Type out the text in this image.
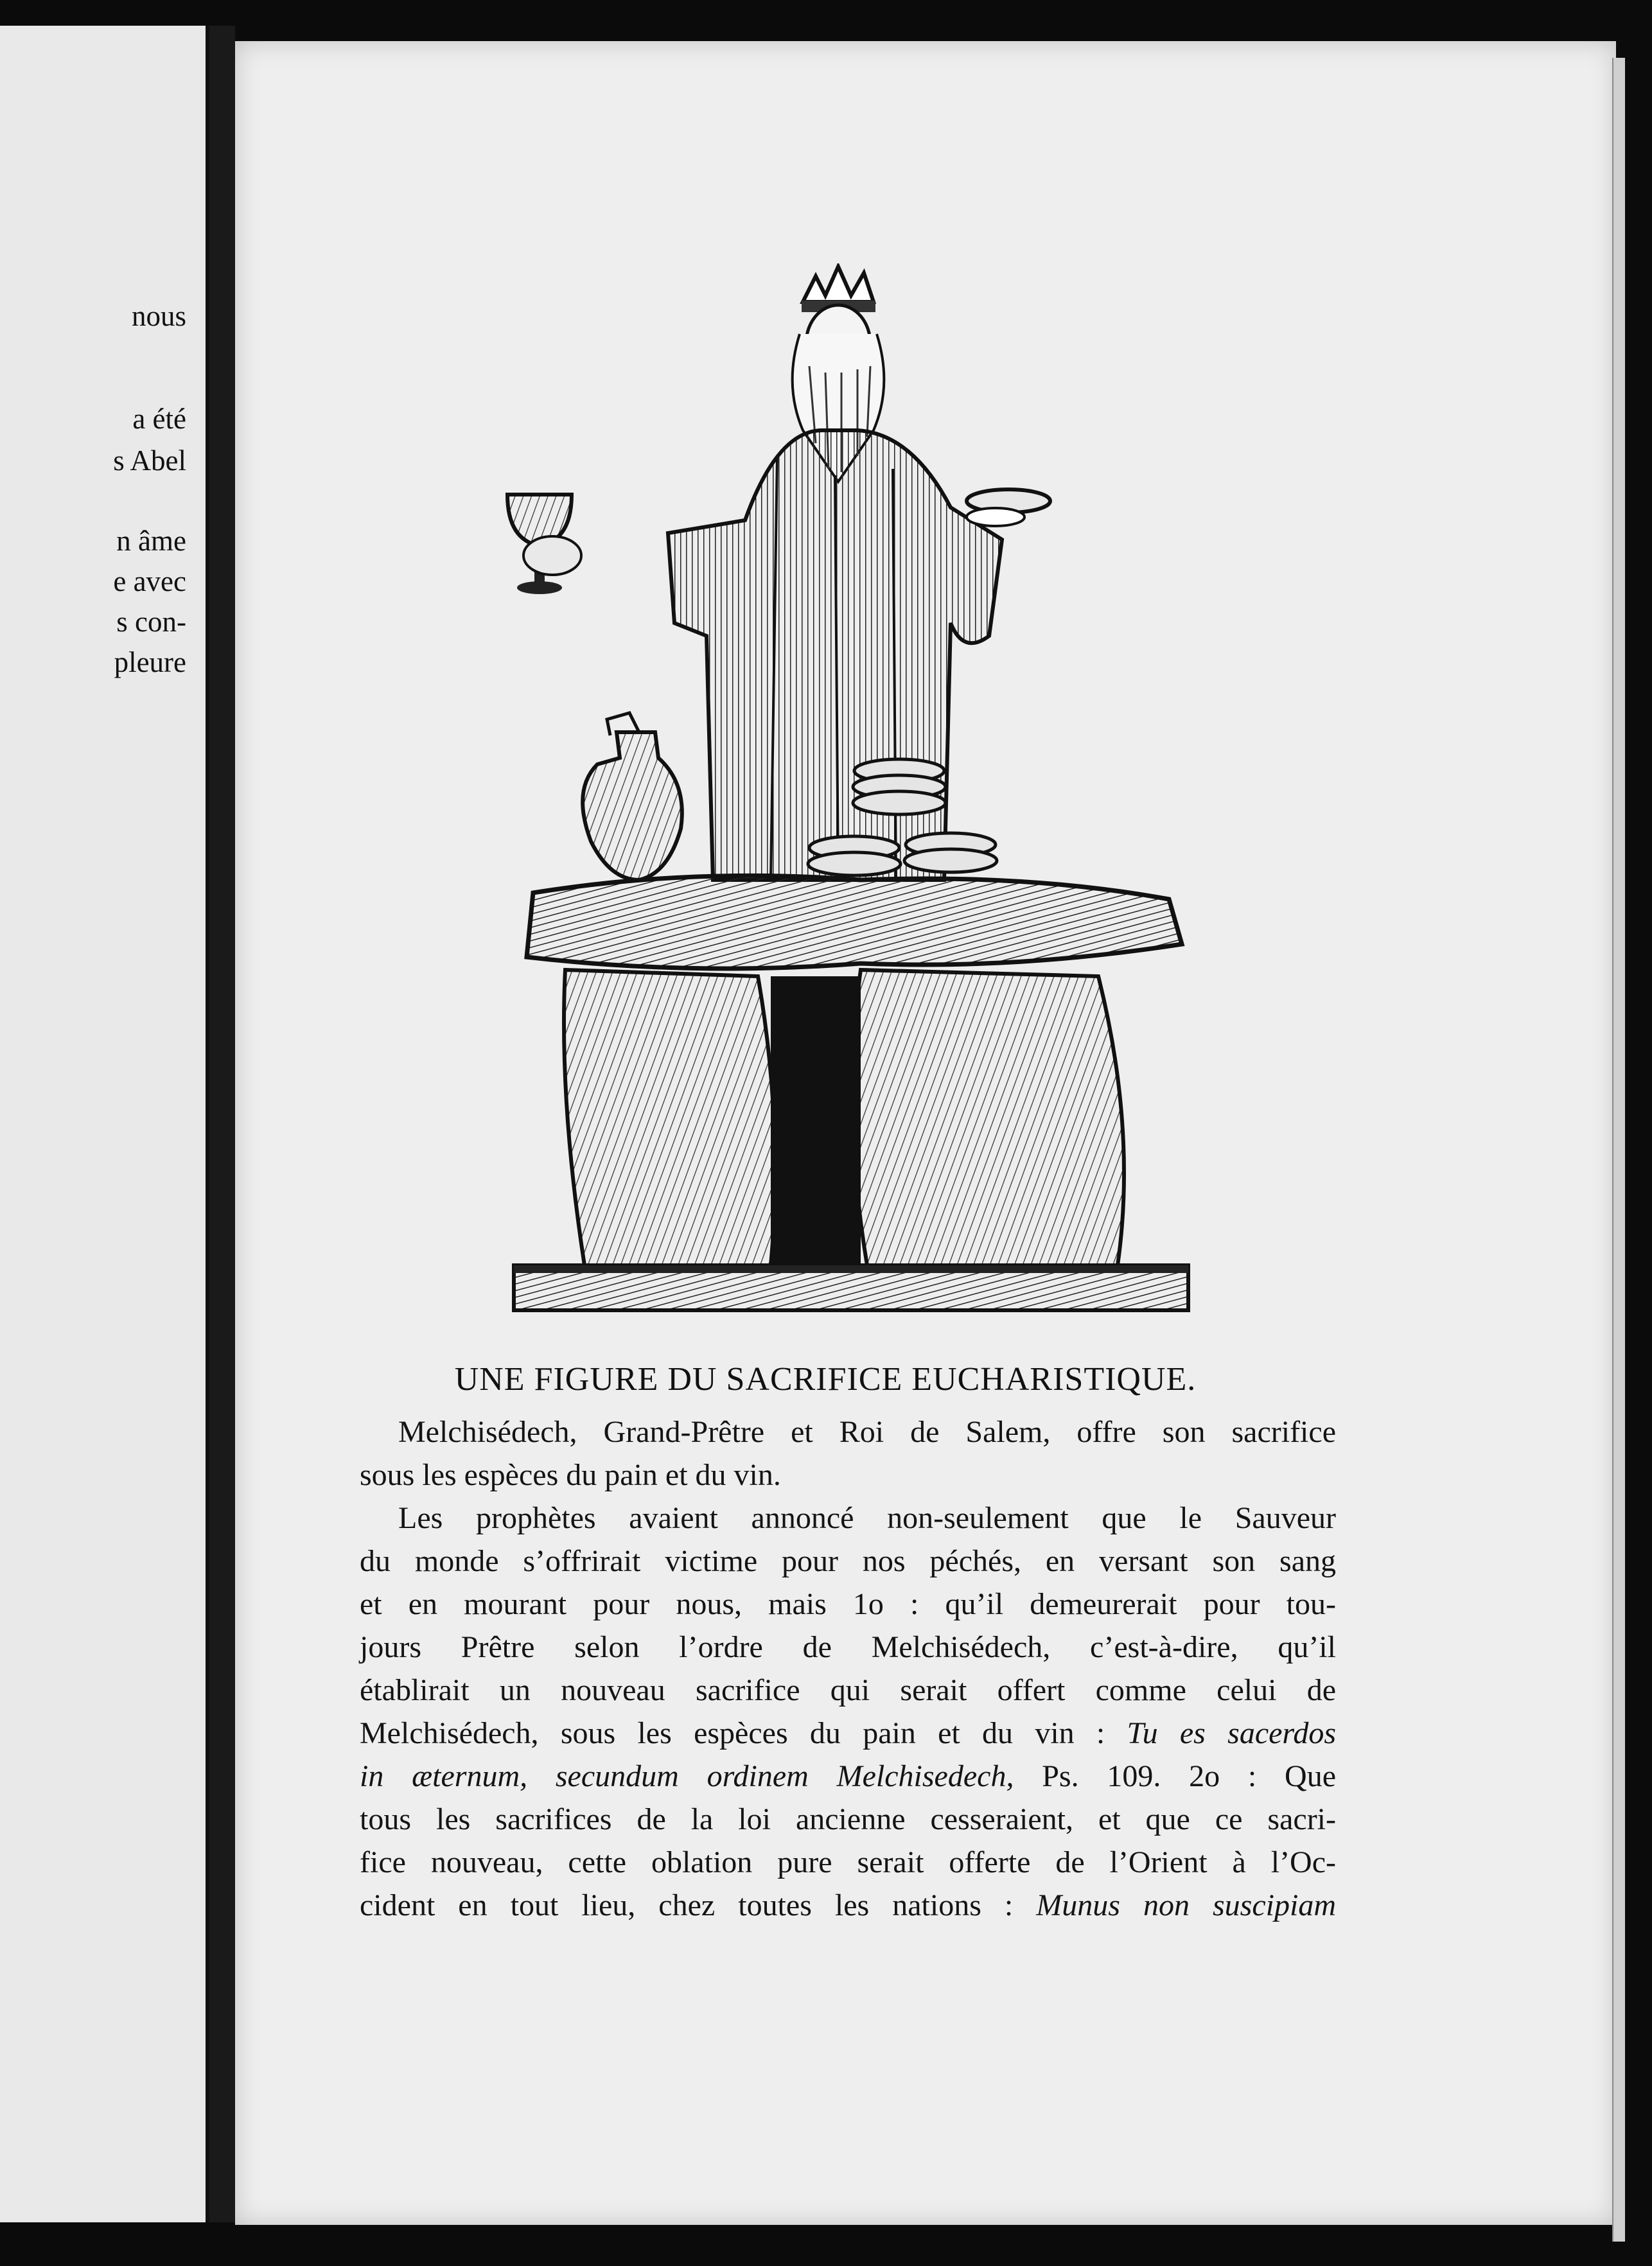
nous
a été
s Abel
n âme
e avec
s con-
pleure
UNE FIGURE DU SACRIFICE EUCHARISTIQUE.
Melchisédech, Grand-Prêtre et Roi de Salem, offre son sacrifice
sous les espèces du pain et du vin.
Les prophètes avaient annoncé non-seulement que le Sauveur
du monde s’offrirait victime pour nos péchés, en versant son sang
et en mourant pour nous, mais 1o : qu’il demeurerait pour tou-
jours Prêtre selon l’ordre de Melchisédech, c’est-à-dire, qu’il
établirait un nouveau sacrifice qui serait offert comme celui de
Melchisédech, sous les espèces du pain et du vin : Tu es sacerdos
in æternum, secundum ordinem Melchisedech, Ps. 109. 2o : Que
tous les sacrifices de la loi ancienne cesseraient, et que ce sacri-
fice nouveau, cette oblation pure serait offerte de l’Orient à l’Oc-
cident en tout lieu, chez toutes les nations : Munus non suscipiam
